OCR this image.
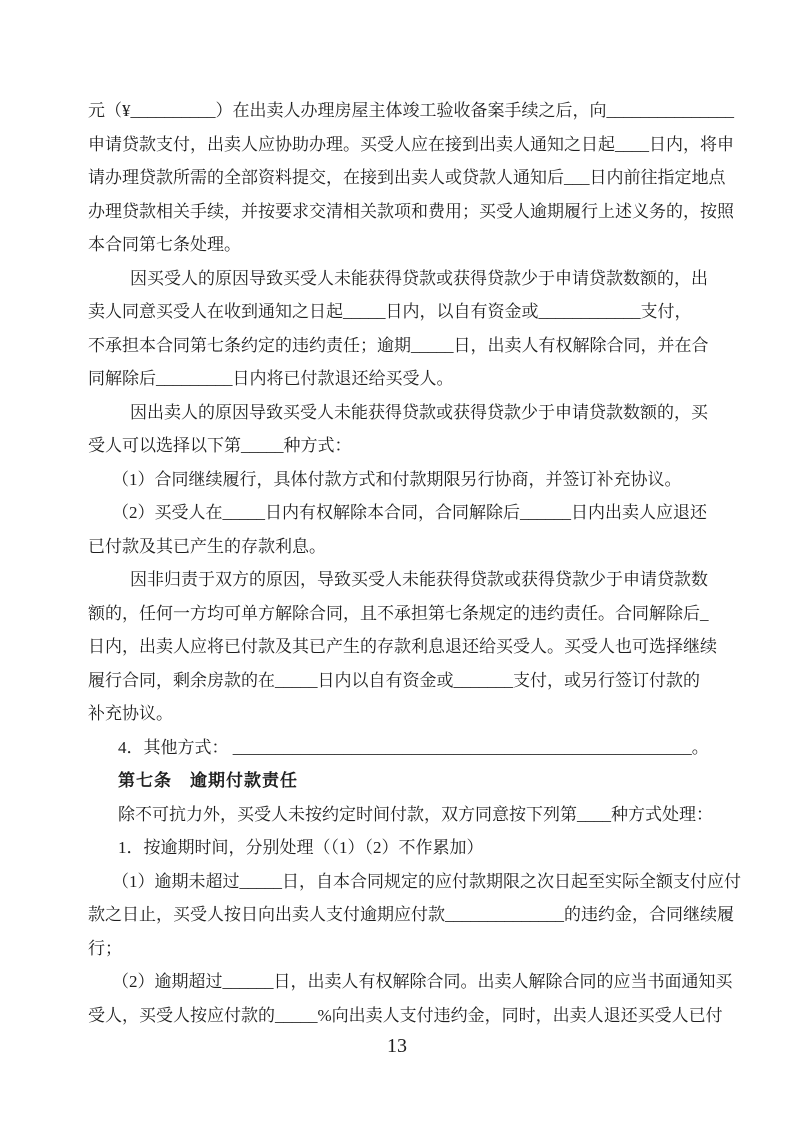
元（¥__________）在出卖人办理房屋主体竣工验收备案手续之后，向_______________
申请贷款支付，出卖人应协助办理。买受人应在接到出卖人通知之日起____日内，将申
请办理贷款所需的全部资料提交，在接到出卖人或贷款人通知后___日内前往指定地点
办理贷款相关手续，并按要求交清相关款项和费用；买受人逾期履行上述义务的，按照
本合同第七条处理。
因买受人的原因导致买受人未能获得贷款或获得贷款少于申请贷款数额的，出
卖人同意买受人在收到通知之日起_____日内，以自有资金或____________支付，
不承担本合同第七条约定的违约责任；逾期_____日，出卖人有权解除合同，并在合
同解除后_________日内将已付款退还给买受人。
因出卖人的原因导致买受人未能获得贷款或获得贷款少于申请贷款数额的，买
受人可以选择以下第_____种方式：
（1）合同继续履行，具体付款方式和付款期限另行协商，并签订补充协议。
（2）买受人在_____日内有权解除本合同，合同解除后______日内出卖人应退还
已付款及其已产生的存款利息。
因非归责于双方的原因，导致买受人未能获得贷款或获得贷款少于申请贷款数
额的，任何一方均可单方解除合同，且不承担第七条规定的违约责任。合同解除后_
日内，出卖人应将已付款及其已产生的存款利息退还给买受人。买受人也可选择继续
履行合同，剩余房款的在_____日内以自有资金或_______支付，或另行签订付款的
补充协议。
4．其他方式： ______________________________________________________。
第七条　逾期付款责任
除不可抗力外，买受人未按约定时间付款，双方同意按下列第____种方式处理：
1．按逾期时间，分别处理（（1）（2）不作累加）
（1）逾期未超过_____日，自本合同规定的应付款期限之次日起至实际全额支付应付
款之日止，买受人按日向出卖人支付逾期应付款______________的违约金，合同继续履
行；
（2）逾期超过______日，出卖人有权解除合同。出卖人解除合同的应当书面通知买
受人，买受人按应付款的_____%向出卖人支付违约金，同时，出卖人退还买受人已付
13
